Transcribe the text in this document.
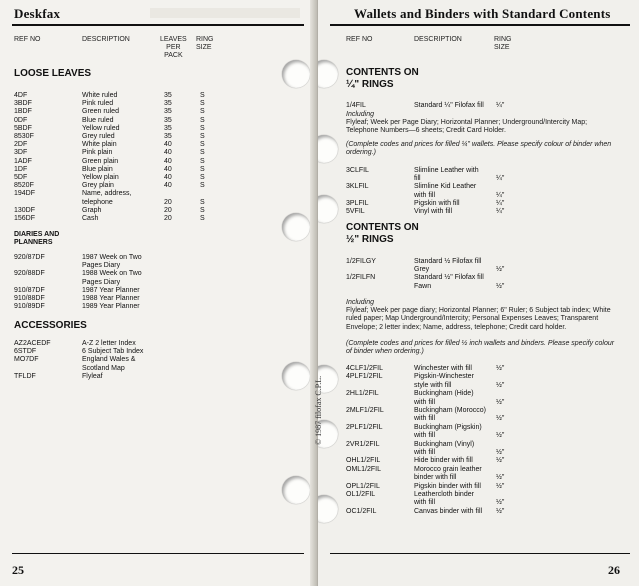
Deskfax
REF NO	DESCRIPTION	LEAVES
PER
PACK
RING
SIZE
LOOSE LEAVES
4DF	White ruled	35	S
3BDF	Pink ruled	35	S
1BDF	Green ruled	35	S
0DF	Blue ruled	35	S
5BDF	Yellow ruled	35	S
8530F	Grey ruled	35	S
2DF	White plain	40	S
3DF	Pink plain	40	S
1ADF	Green plain	40	S
1DF	Blue plain	40	S
5DF	Yellow plain	40	S
8520F	Grey plain	40	S
194DF	Name, address,
telephone	20	S
130DF	Graph	20	S
156DF	Cash	20	S
DIARIES AND
PLANNERS
920/87DF	1987 Week on Two
Pages Diary
920/88DF	1988 Week on Two
Pages Diary
910/87DF	1987 Year Planner
910/88DF	1988 Year Planner
910/89DF	1989 Year Planner
ACCESSORIES
AZ2ACEDF	A-Z 2 letter Index
6STDF	6 Subject Tab Index
MO7DF	England Wales &
Scotland Map
TFLDF	Flyleaf
25
Wallets and Binders with Standard Contents
REF NO	DESCRIPTION	RING
SIZE
CONTENTS ON
¼" RINGS
1/4FIL	Standard ¼" Filofax fill ¼"
Including
Flyleaf; Week per Page Diary; Horizontal Planner; Underground/Intercity Map; Telephone Numbers—6 sheets; Credit Card Holder.
(Complete codes and prices for filled ¼" wallets. Please specify colour of binder when ordering.)
3CLFIL	Slimline Leather with
fill	¼"
3KLFIL	Slimline Kid Leather
with fill	¼"
3PLFIL	Pigskin with fill	¼"
5VFIL	Vinyl with fill	¼"
CONTENTS ON
½" RINGS
1/2FILGY	Standard ½ Filofax fill
Grey	½"
1/2FILFN	Standard ½" Filofax fill
Fawn	½"
Including
Flyleaf; Week per page diary; Horizontal Planner; 6" Ruler; 6 Subject tab index; White ruled paper; Map Underground/Intercity; Personal Expenses Leaves; Transparent Envelope; 2 letter index; Name, address, telephone; Credit card holder.
(Complete codes and prices for filled ½ inch wallets and binders. Please specify colour of binder when ordering.)
4CLF1/2FIL	Winchester with fill	½"
4PLF1/2FIL	Pigskin-Winchester
style with fill	½"
2HL1/2FIL	Buckingham (Hide)
with fill	½"
2MLF1/2FIL	Buckingham (Morocco)
with fill	½"
2PLF1/2FIL	Buckingham (Pigskin)
with fill	½"
2VR1/2FIL	Buckingham (Vinyl)
with fill	½"
OHL1/2FIL	Hide binder with fill	½"
OML1/2FIL	Morocco grain leather
binder with fill	½"
OPL1/2FIL	Pigskin binder with fill ½"
OL1/2FIL	Leathercloth binder
with fill	½"
OC1/2FIL	Canvas binder with fill ½"
26
©
